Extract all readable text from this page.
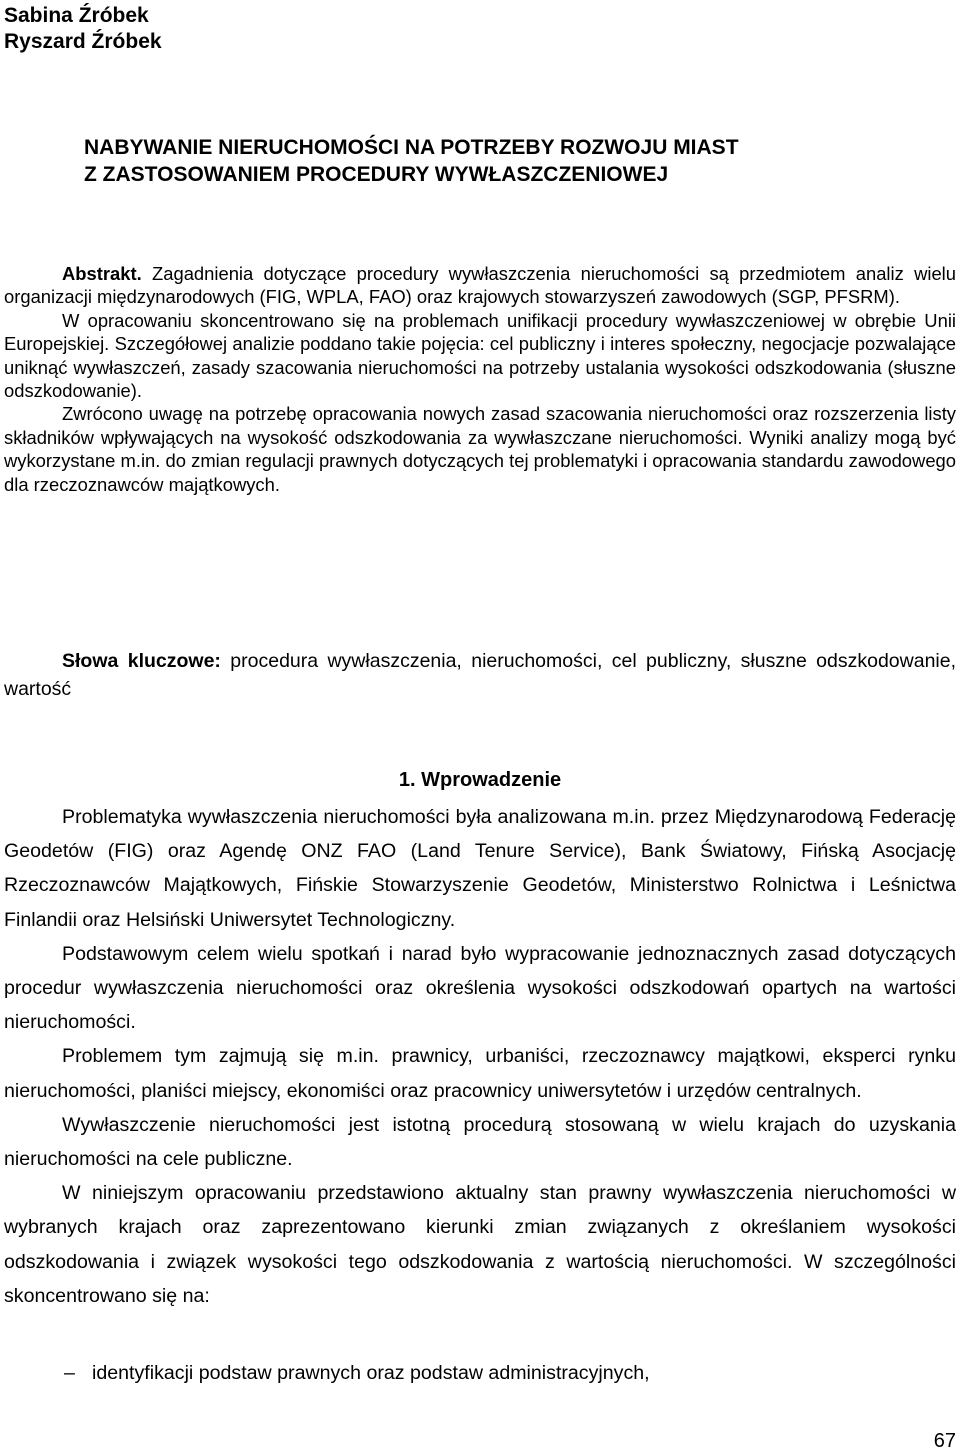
Sabina Źróbek
Ryszard Źróbek
NABYWANIE NIERUCHOMOŚCI NA POTRZEBY ROZWOJU MIAST
Z ZASTOSOWANIEM PROCEDURY WYWŁASZCZENIOWEJ

Abstrakt. Zagadnienia dotyczące procedury wywłaszczenia nieruchomości są przedmiotem analiz wielu organizacji międzynarodowych (FIG, WPLA, FAO) oraz krajowych stowarzyszeń zawodowych (SGP, PFSRM).

W opracowaniu skoncentrowano się na problemach unifikacji procedury wywłaszczeniowej w obrębie Unii Europejskiej. Szczegółowej analizie poddano takie pojęcia: cel publiczny i interes społeczny, negocjacje pozwalające uniknąć wywłaszczeń, zasady szacowania nieruchomości na potrzeby ustalania wysokości odszkodowania (słuszne odszkodowanie).

Zwrócono uwagę na potrzebę opracowania nowych zasad szacowania nieruchomości oraz rozszerzenia listy składników wpływających na wysokość odszkodowania za wywłaszczane nieruchomości. Wyniki analizy mogą być wykorzystane m.in. do zmian regulacji prawnych dotyczących tej problematyki i opracowania standardu zawodowego dla rzeczoznawców majątkowych.

Słowa kluczowe: procedura wywłaszczenia, nieruchomości, cel publiczny, słuszne odszkodowanie, wartość

1. Wprowadzenie

Problematyka wywłaszczenia nieruchomości była analizowana m.in. przez Międzynarodową Federację Geodetów (FIG) oraz Agendę ONZ FAO (Land Tenure Service), Bank Światowy, Fińską Asocjację Rzeczoznawców Majątkowych, Fińskie Stowarzyszenie Geodetów, Ministerstwo Rolnictwa i Leśnictwa Finlandii oraz Helsiński Uniwersytet Technologiczny.

Podstawowym celem wielu spotkań i narad było wypracowanie jednoznacznych zasad dotyczących procedur wywłaszczenia nieruchomości oraz określenia wysokości odszkodowań opartych na wartości nieruchomości.

Problemem tym zajmują się m.in. prawnicy, urbaniści, rzeczoznawcy majątkowi, eksperci rynku nieruchomości, planiści miejscy, ekonomiści oraz pracownicy uniwersytetów i urzędów centralnych.

Wywłaszczenie nieruchomości jest istotną procedurą stosowaną w wielu krajach do uzyskania nieruchomości na cele publiczne.

W niniejszym opracowaniu przedstawiono aktualny stan prawny wywłaszczenia nieruchomości w wybranych krajach oraz zaprezentowano kierunki zmian związanych z określaniem wysokości odszkodowania i związek wysokości tego odszkodowania z wartością nieruchomości. W szczególności skoncentrowano się na:

– identyfikacji podstaw prawnych oraz podstaw administracyjnych,
67
